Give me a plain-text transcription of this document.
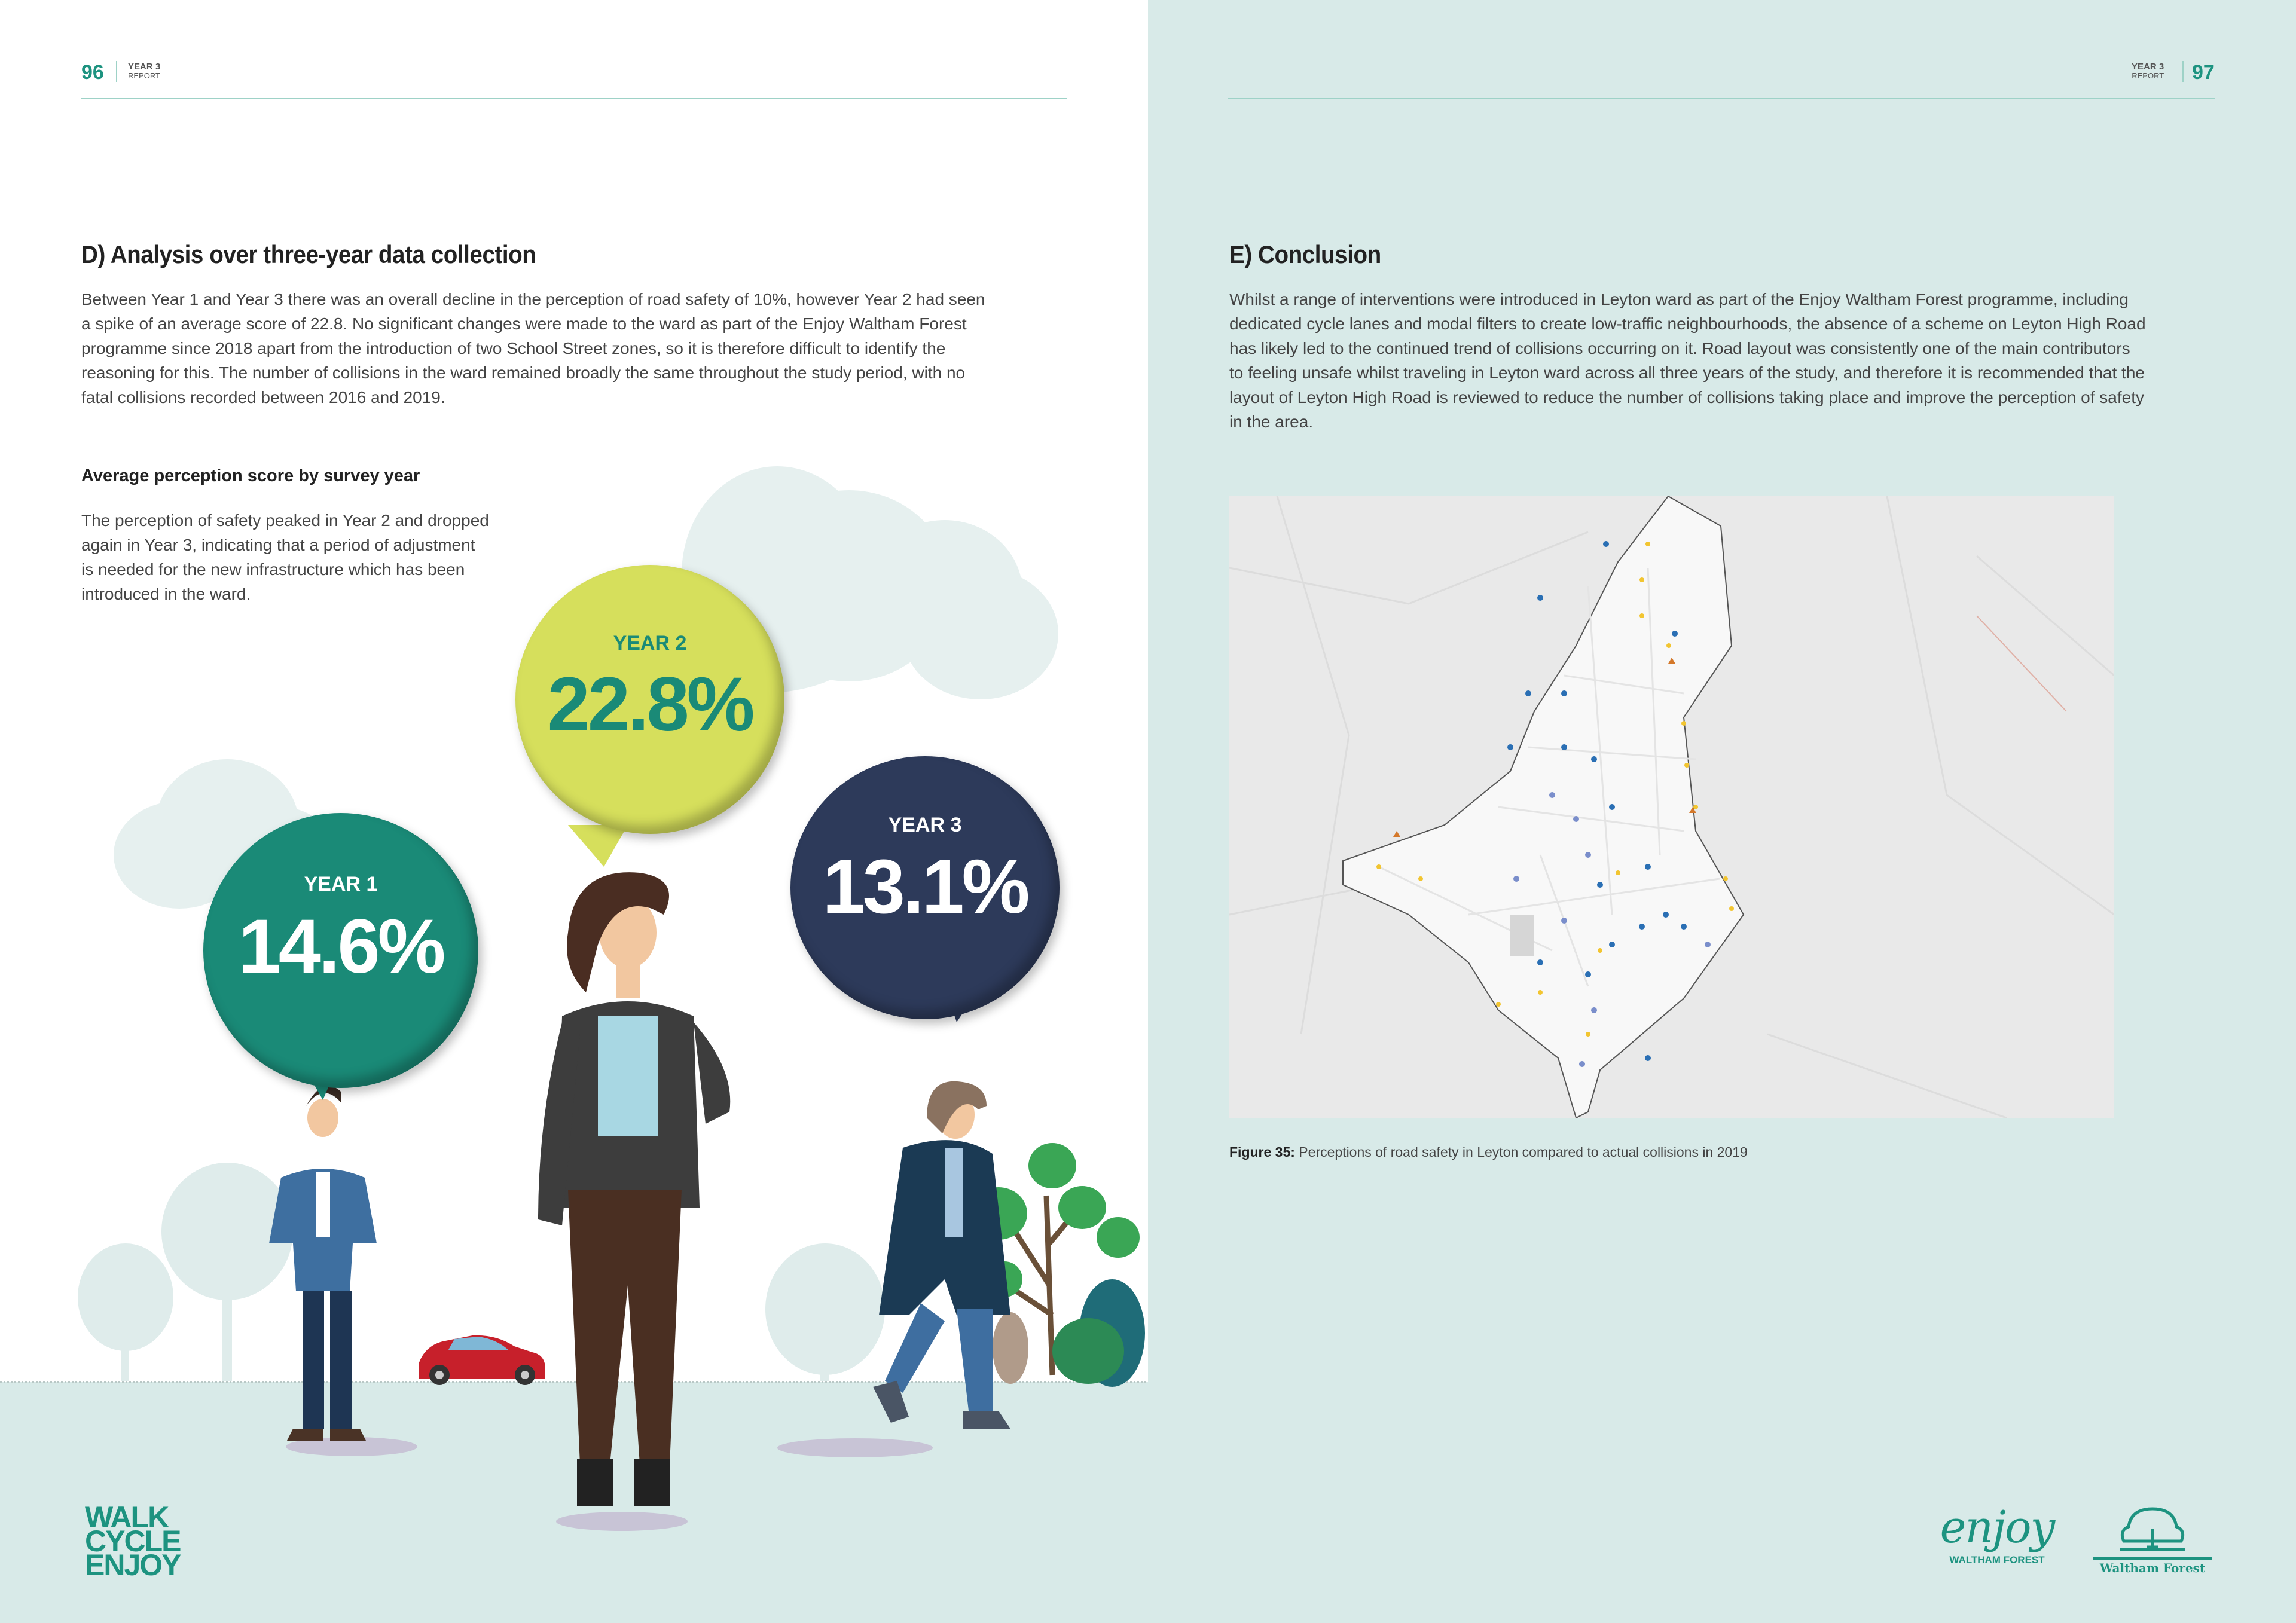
96	YEAR 3
REPORT
D) Analysis over three-year data collection
Between Year 1 and Year 3 there was an overall decline in the perception of road safety of 10%, however Year 2 had seen
a spike of an average score of 22.8. No significant changes were made to the ward as part of the Enjoy Waltham Forest
programme since 2018 apart from the introduction of two School Street zones, so it is therefore difficult to identify the
reasoning for this. The number of collisions in the ward remained broadly the same throughout the study period, with no
fatal collisions recorded between 2016 and 2019.
Average perception score by survey year
The perception of safety peaked in Year 2 and dropped
again in Year 3, indicating that a period of adjustment
is needed for the new infrastructure which has been
introduced in the ward.
YEAR 1
14.6%
YEAR 2
22.8%
YEAR 3
13.1%
WALK
CYCLE
ENJOY
YEAR 3
REPORT 97
E) Conclusion
Whilst a range of interventions were introduced in Leyton ward as part of the Enjoy Waltham Forest programme, including
dedicated cycle lanes and modal filters to create low-traffic neighbourhoods, the absence of a scheme on Leyton High Road
has likely led to the continued trend of collisions occurring on it. Road layout was consistently one of the main contributors
to feeling unsafe whilst traveling in Leyton ward across all three years of the study, and therefore it is recommended that the
layout of Leyton High Road is reviewed to reduce the number of collisions taking place and improve the perception of safety
in the area.

Figure 35: Perceptions of road safety in Leyton compared to actual collisions in 2019

enjoy
WALTHAM FOREST
Waltham Forest
